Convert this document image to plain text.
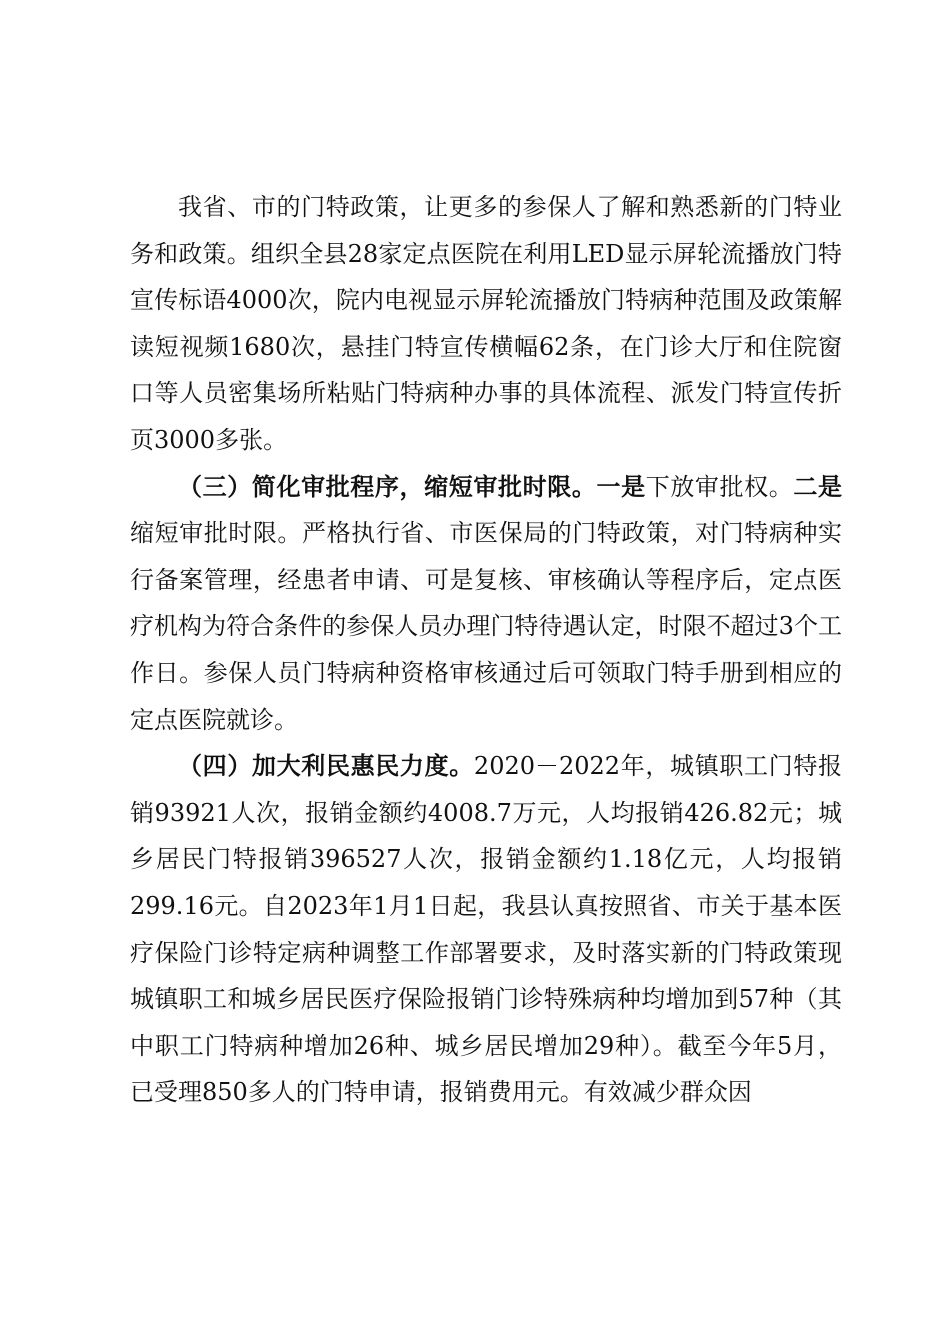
我省、市的门特政策，让更多的参保人了解和熟悉新的门特业务和政策。组织全县28家定点医院在利用LED显示屏轮流播放门特宣传标语4000次，院内电视显示屏轮流播放门特病种范围及政策解读短视频1680次，悬挂门特宣传横幅62条，在门诊大厅和住院窗口等人员密集场所粘贴门特病种办事的具体流程、派发门特宣传折页3000多张。

（三）简化审批程序，缩短审批时限。一是下放审批权。二是缩短审批时限。严格执行省、市医保局的门特政策，对门特病种实行备案管理，经患者申请、可是复核、审核确认等程序后，定点医疗机构为符合条件的参保人员办理门特待遇认定，时限不超过3个工作日。参保人员门特病种资格审核通过后可领取门特手册到相应的定点医院就诊。

（四）加大利民惠民力度。2020－2022年，城镇职工门特报销93921人次，报销金额约4008.7万元，人均报销426.82元；城乡居民门特报销396527人次，报销金额约1.18亿元，人均报销299.16元。自2023年1月1日起，我县认真按照省、市关于基本医疗保险门诊特定病种调整工作部署要求，及时落实新的门特政策现城镇职工和城乡居民医疗保险报销门诊特殊病种均增加到57种（其中职工门特病种增加26种、城乡居民增加29种）。截至今年5月，已受理850多人的门特申请，报销费用元。有效减少群众因
